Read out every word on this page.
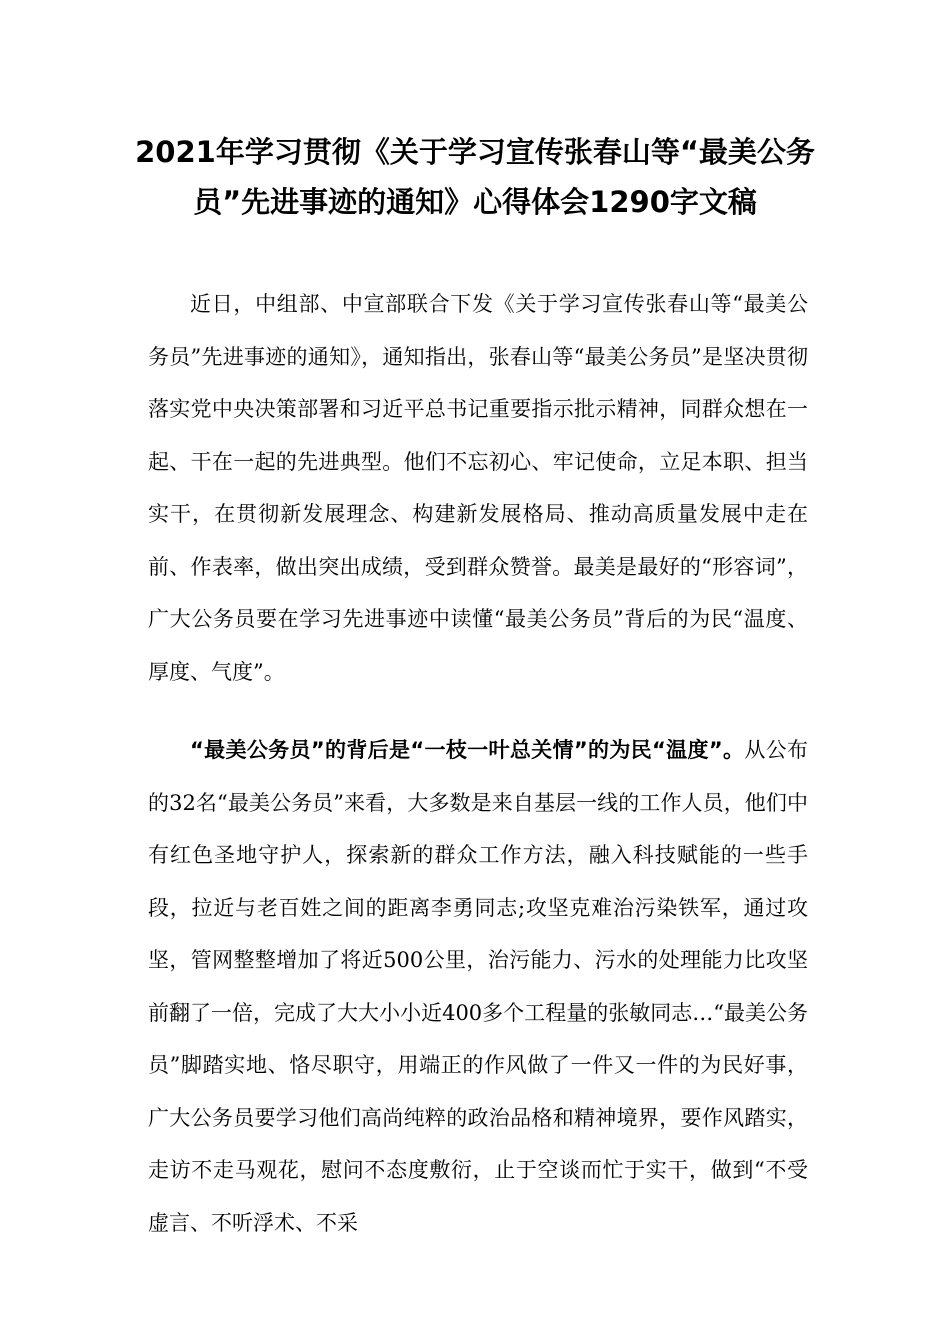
2021年学习贯彻《关于学习宣传张春山等“最美公务员”先进事迹的通知》心得体会1290字文稿

近日，中组部、中宣部联合下发《关于学习宣传张春山等“最美公务员”先进事迹的通知》，通知指出，张春山等“最美公务员”是坚决贯彻落实党中央决策部署和习近平总书记重要指示批示精神，同群众想在一起、干在一起的先进典型。他们不忘初心、牢记使命，立足本职、担当实干，在贯彻新发展理念、构建新发展格局、推动高质量发展中走在前、作表率，做出突出成绩，受到群众赞誉。最美是最好的“形容词”，广大公务员要在学习先进事迹中读懂“最美公务员”背后的为民“温度、厚度、气度”。

“最美公务员”的背后是“一枝一叶总关情”的为民“温度”。从公布的32名“最美公务员”来看，大多数是来自基层一线的工作人员，他们中有红色圣地守护人，探索新的群众工作方法，融入科技赋能的一些手段，拉近与老百姓之间的距离李勇同志;攻坚克难治污染铁军，通过攻坚，管网整整增加了将近500公里，治污能力、污水的处理能力比攻坚前翻了一倍，完成了大大小小近400多个工程量的张敏同志…“最美公务员”脚踏实地、恪尽职守，用端正的作风做了一件又一件的为民好事，广大公务员要学习他们高尚纯粹的政治品格和精神境界，要作风踏实，走访不走马观花，慰问不态度敷衍，止于空谈而忙于实干，做到“不受虚言、不听浮术、不采
